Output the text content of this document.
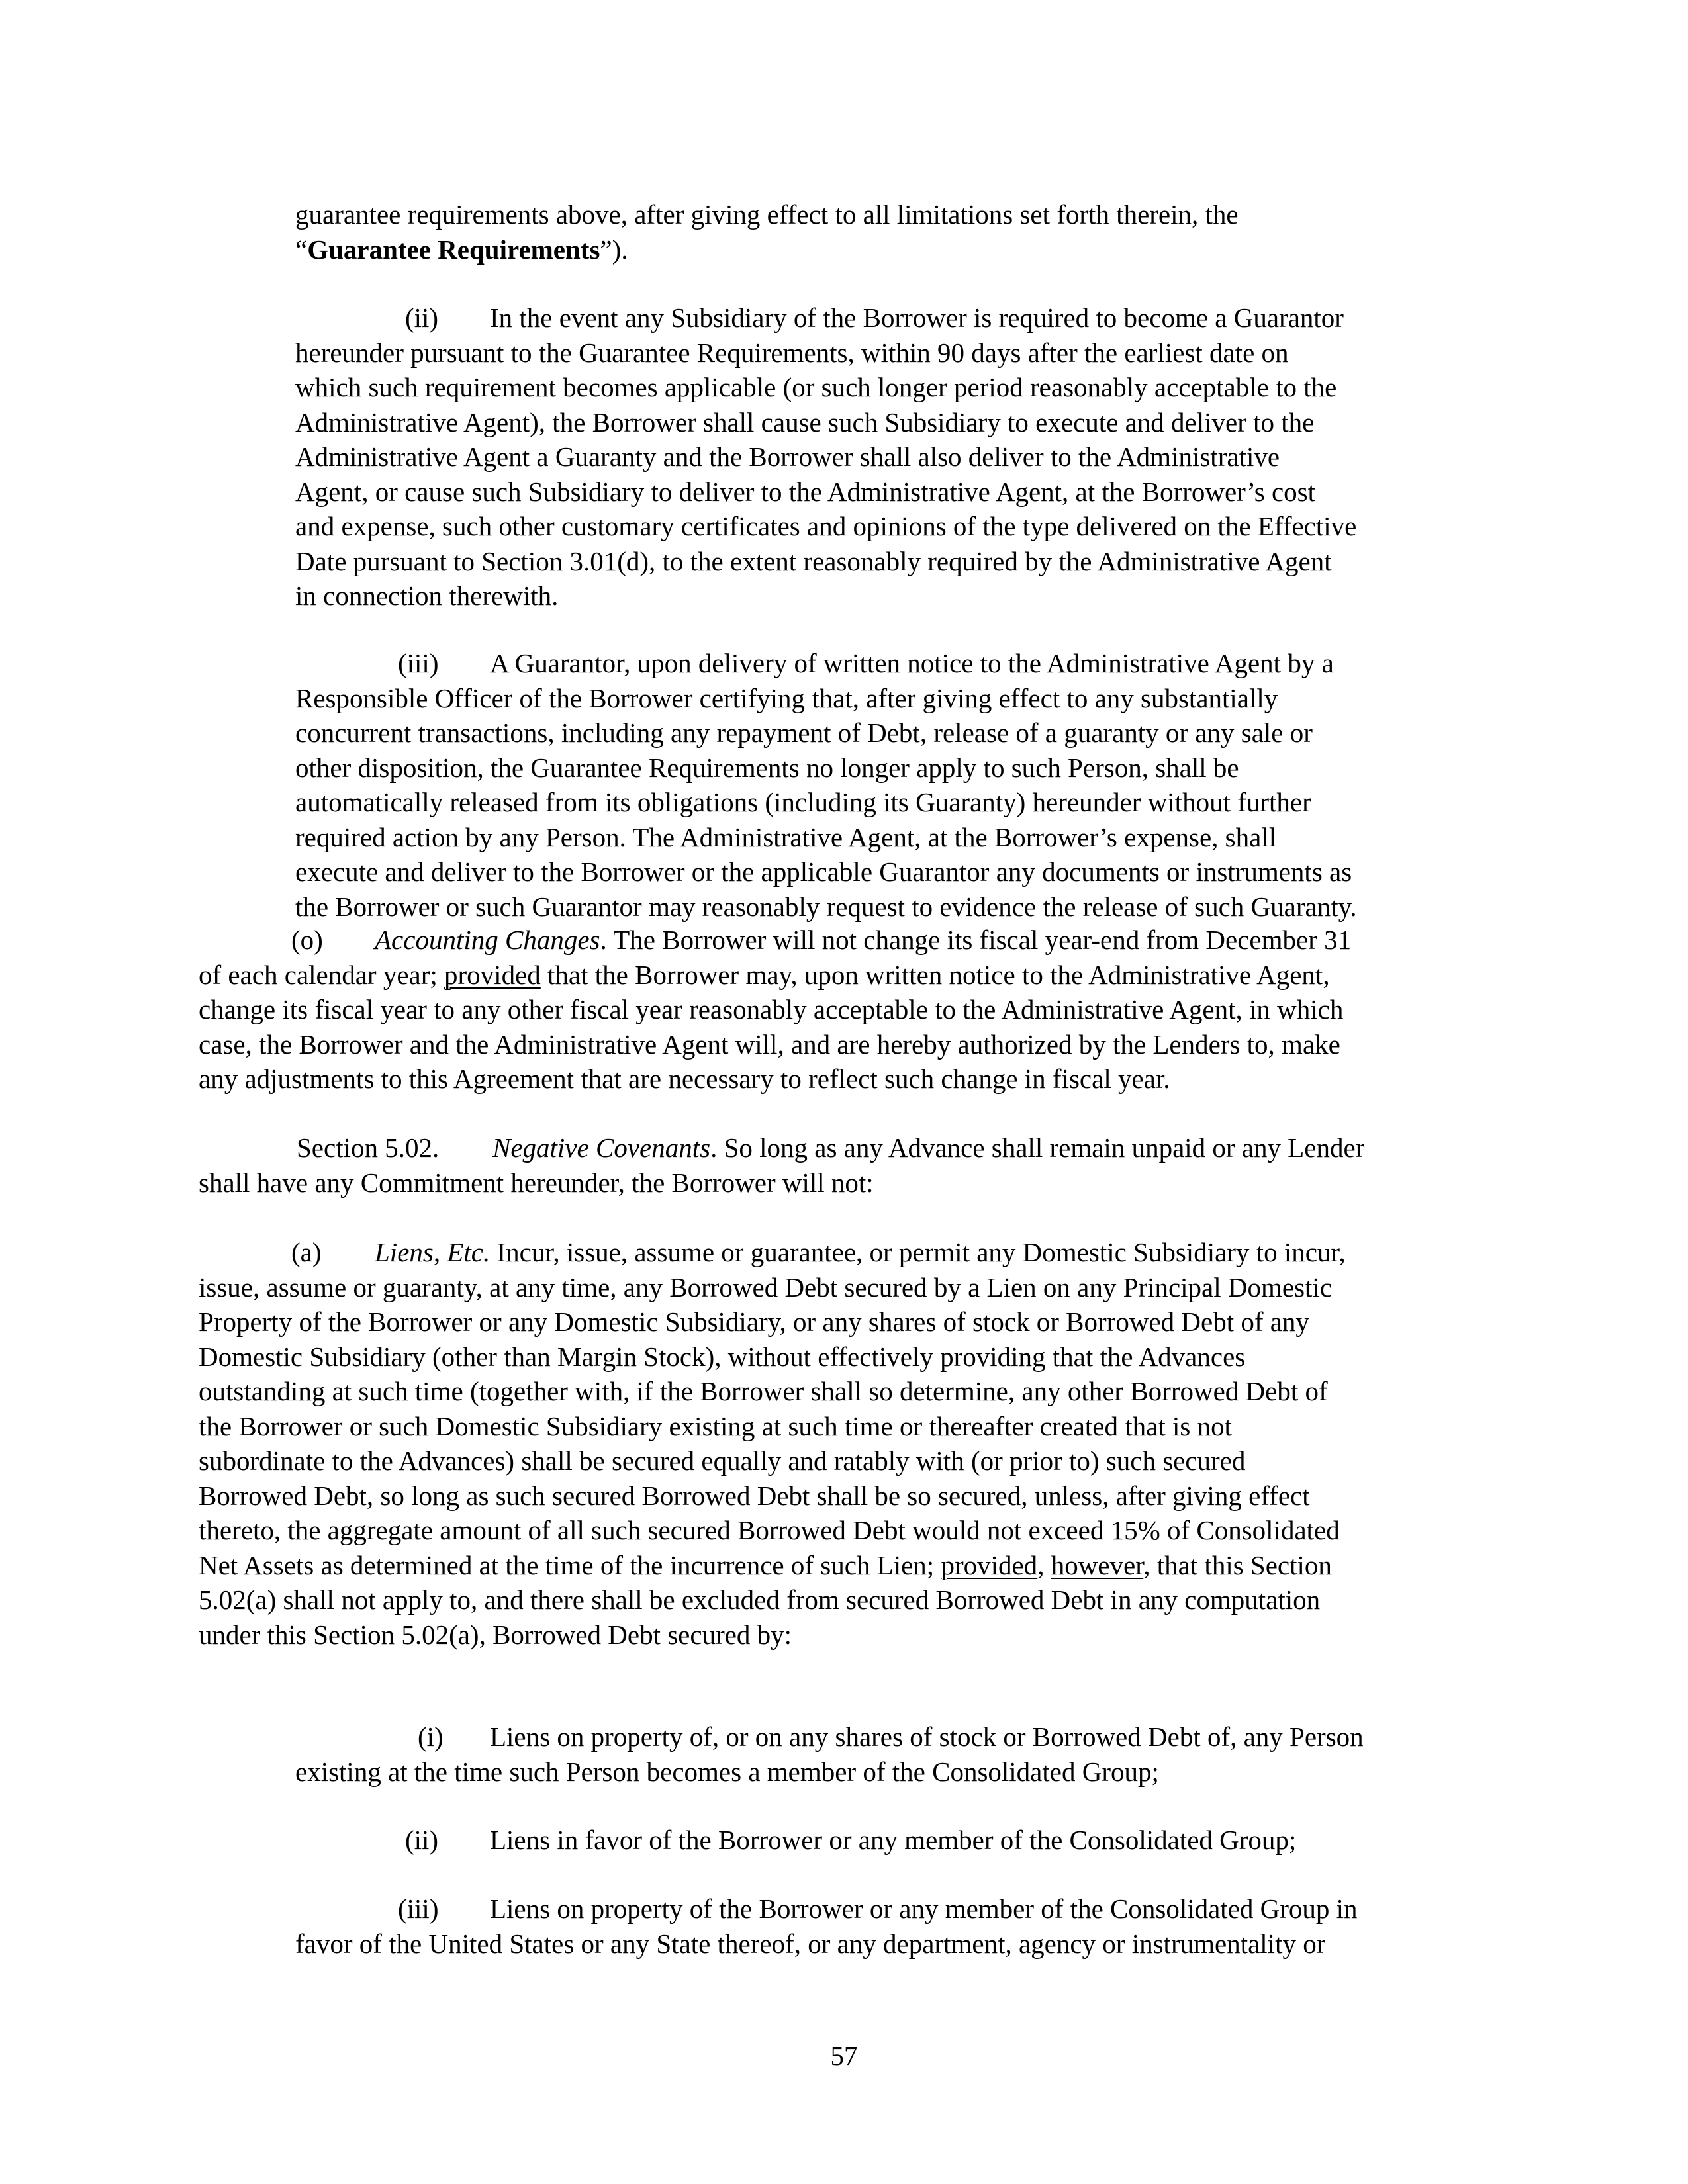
guarantee requirements above, after giving effect to all limitations set forth therein, the
“Guarantee Requirements”).
(ii) In the event any Subsidiary of the Borrower is required to become a Guarantor
hereunder pursuant to the Guarantee Requirements, within 90 days after the earliest date on
which such requirement becomes applicable (or such longer period reasonably acceptable to the
Administrative Agent), the Borrower shall cause such Subsidiary to execute and deliver to the
Administrative Agent a Guaranty and the Borrower shall also deliver to the Administrative
Agent, or cause such Subsidiary to deliver to the Administrative Agent, at the Borrower’s cost
and expense, such other customary certificates and opinions of the type delivered on the Effective
Date pursuant to Section 3.01(d), to the extent reasonably required by the Administrative Agent
in connection therewith.
(iii) A Guarantor, upon delivery of written notice to the Administrative Agent by a
Responsible Officer of the Borrower certifying that, after giving effect to any substantially
concurrent transactions, including any repayment of Debt, release of a guaranty or any sale or
other disposition, the Guarantee Requirements no longer apply to such Person, shall be
automatically released from its obligations (including its Guaranty) hereunder without further
required action by any Person. The Administrative Agent, at the Borrower’s expense, shall
execute and deliver to the Borrower or the applicable Guarantor any documents or instruments as
the Borrower or such Guarantor may reasonably request to evidence the release of such Guaranty.
(o) Accounting Changes. The Borrower will not change its fiscal year-end from December 31
of each calendar year; provided that the Borrower may, upon written notice to the Administrative Agent,
change its fiscal year to any other fiscal year reasonably acceptable to the Administrative Agent, in which
case, the Borrower and the Administrative Agent will, and are hereby authorized by the Lenders to, make
any adjustments to this Agreement that are necessary to reflect such change in fiscal year.
Section 5.02. Negative Covenants. So long as any Advance shall remain unpaid or any Lender
shall have any Commitment hereunder, the Borrower will not:
(a) Liens, Etc. Incur, issue, assume or guarantee, or permit any Domestic Subsidiary to incur,
issue, assume or guaranty, at any time, any Borrowed Debt secured by a Lien on any Principal Domestic
Property of the Borrower or any Domestic Subsidiary, or any shares of stock or Borrowed Debt of any
Domestic Subsidiary (other than Margin Stock), without effectively providing that the Advances
outstanding at such time (together with, if the Borrower shall so determine, any other Borrowed Debt of
the Borrower or such Domestic Subsidiary existing at such time or thereafter created that is not
subordinate to the Advances) shall be secured equally and ratably with (or prior to) such secured
Borrowed Debt, so long as such secured Borrowed Debt shall be so secured, unless, after giving effect
thereto, the aggregate amount of all such secured Borrowed Debt would not exceed 15% of Consolidated
Net Assets as determined at the time of the incurrence of such Lien; provided, however, that this Section
5.02(a) shall not apply to, and there shall be excluded from secured Borrowed Debt in any computation
under this Section 5.02(a), Borrowed Debt secured by:
(i) Liens on property of, or on any shares of stock or Borrowed Debt of, any Person
existing at the time such Person becomes a member of the Consolidated Group;
(ii) Liens in favor of the Borrower or any member of the Consolidated Group;
(iii) Liens on property of the Borrower or any member of the Consolidated Group in
favor of the United States or any State thereof, or any department, agency or instrumentality or
57
